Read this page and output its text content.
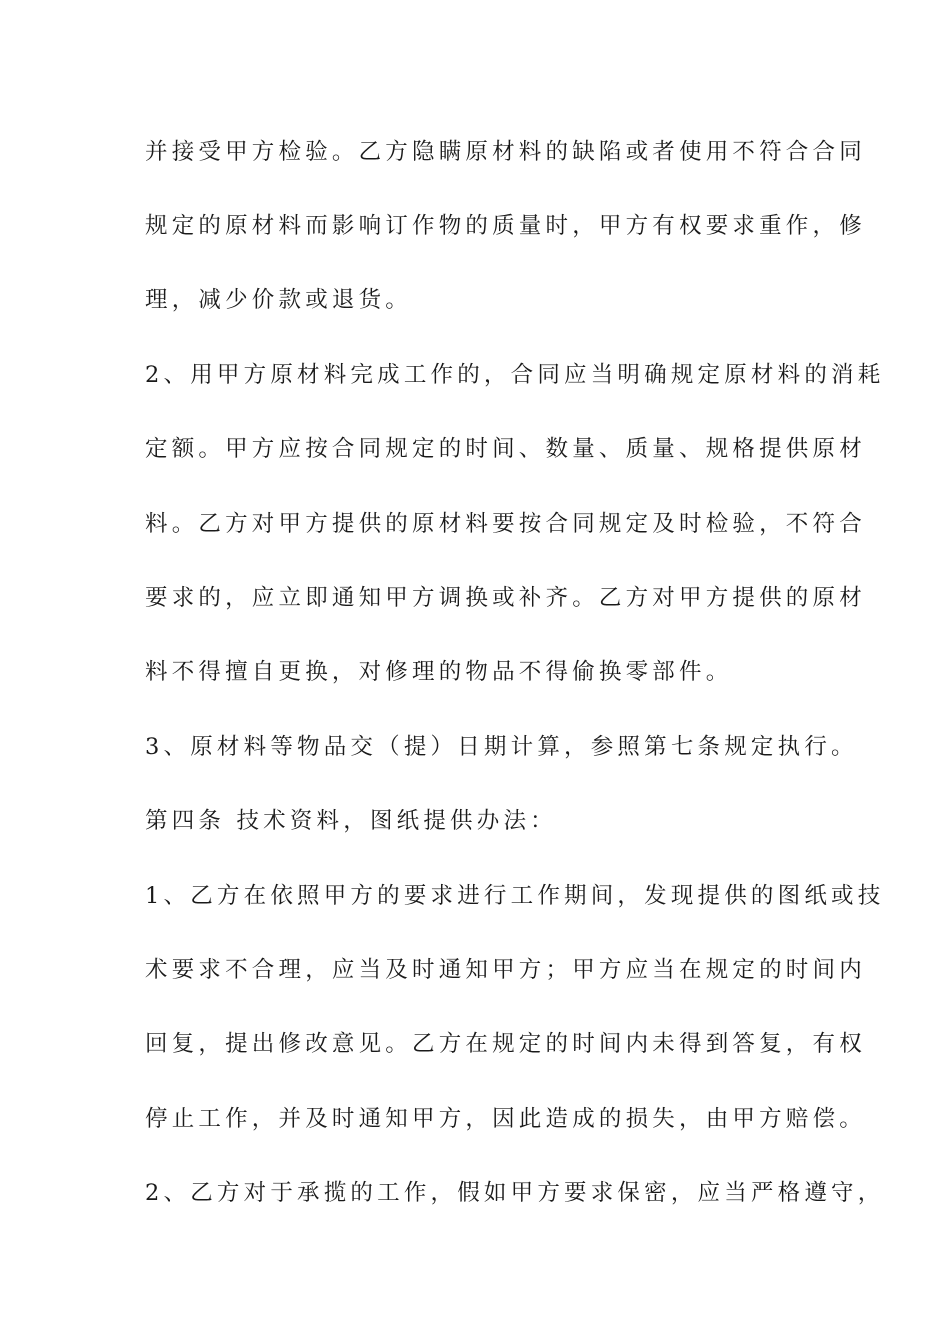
并接受甲方检验。乙方隐瞒原材料的缺陷或者使用不符合合同
规定的原材料而影响订作物的质量时，甲方有权要求重作，修
理，减少价款或退货。
2、用甲方原材料完成工作的，合同应当明确规定原材料的消耗
定额。甲方应按合同规定的时间、数量、质量、规格提供原材
料。乙方对甲方提供的原材料要按合同规定及时检验，不符合
要求的，应立即通知甲方调换或补齐。乙方对甲方提供的原材
料不得擅自更换，对修理的物品不得偷换零部件。
3、原材料等物品交（提）日期计算，参照第七条规定执行。
第四条 技术资料，图纸提供办法：
1、乙方在依照甲方的要求进行工作期间，发现提供的图纸或技
术要求不合理，应当及时通知甲方；甲方应当在规定的时间内
回复，提出修改意见。乙方在规定的时间内未得到答复，有权
停止工作，并及时通知甲方，因此造成的损失，由甲方赔偿。
2、乙方对于承揽的工作，假如甲方要求保密，应当严格遵守，
